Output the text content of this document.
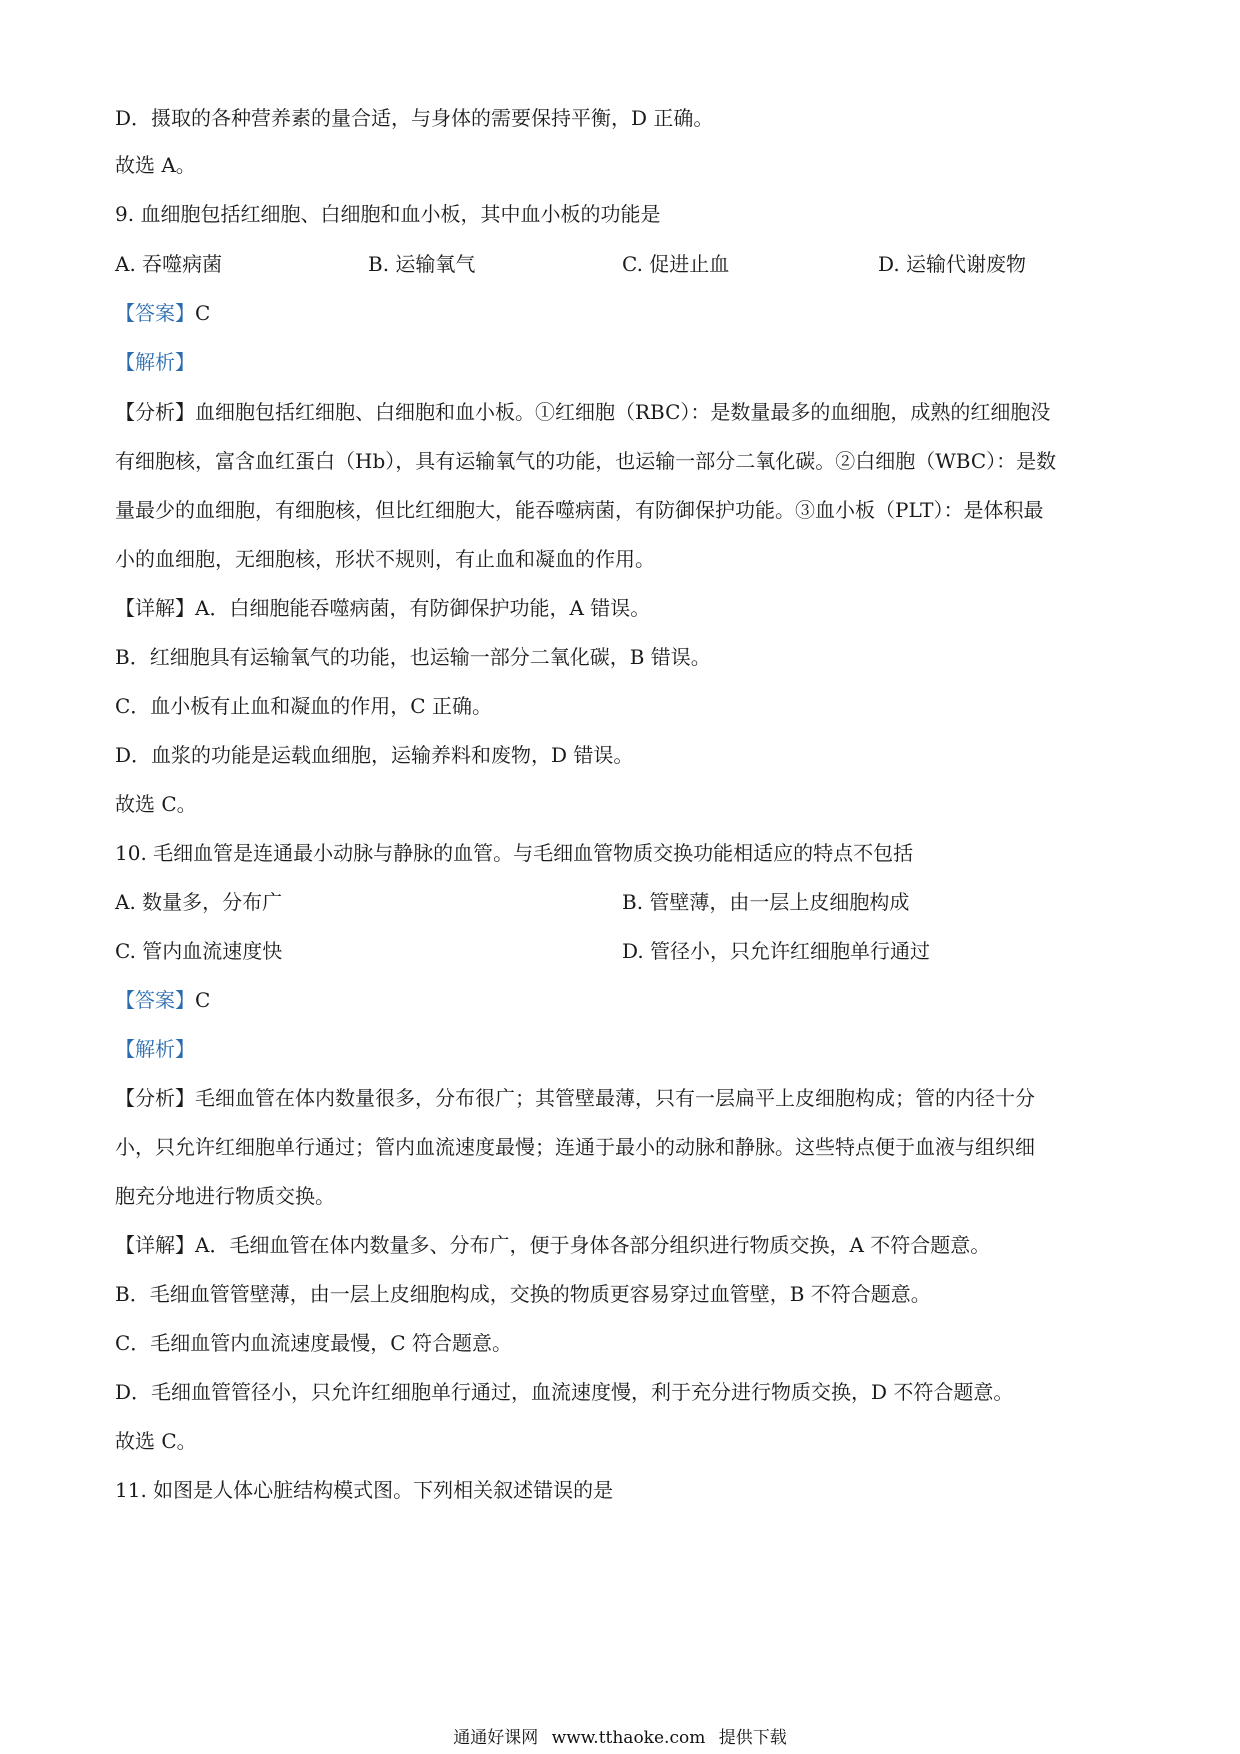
D．摄取的各种营养素的量合适，与身体的需要保持平衡，D 正确。
故选 A。
9. 血细胞包括红细胞、白细胞和血小板，其中血小板的功能是
A. 吞噬病菌	B. 运输氧气	C. 促进止血	D. 运输代谢废物
【答案】C
【解析】
【分析】血细胞包括红细胞、白细胞和血小板。①红细胞（RBC）：是数量最多的血细胞，成熟的红细胞没
有细胞核，富含血红蛋白（Hb），具有运输氧气的功能，也运输一部分二氧化碳。②白细胞（WBC）：是数
量最少的血细胞，有细胞核，但比红细胞大，能吞噬病菌，有防御保护功能。③血小板（PLT）：是体积最
小的血细胞，无细胞核，形状不规则，有止血和凝血的作用。
【详解】A．白细胞能吞噬病菌，有防御保护功能，A 错误。
B．红细胞具有运输氧气的功能，也运输一部分二氧化碳，B 错误。
C．血小板有止血和凝血的作用，C 正确。
D．血浆的功能是运载血细胞，运输养料和废物，D 错误。
故选 C。
10. 毛细血管是连通最小动脉与静脉的血管。与毛细血管物质交换功能相适应的特点不包括
A. 数量多，分布广	B. 管壁薄，由一层上皮细胞构成
C. 管内血流速度快	D. 管径小，只允许红细胞单行通过
【答案】C
【解析】
【分析】毛细血管在体内数量很多，分布很广；其管壁最薄，只有一层扁平上皮细胞构成；管的内径十分
小，只允许红细胞单行通过；管内血流速度最慢；连通于最小的动脉和静脉。这些特点便于血液与组织细
胞充分地进行物质交换。
【详解】A．毛细血管在体内数量多、分布广，便于身体各部分组织进行物质交换，A 不符合题意。
B．毛细血管管壁薄，由一层上皮细胞构成，交换的物质更容易穿过血管壁，B 不符合题意。
C．毛细血管内血流速度最慢，C 符合题意。
D．毛细血管管径小，只允许红细胞单行通过，血流速度慢，利于充分进行物质交换，D 不符合题意。
故选 C。
11. 如图是人体心脏结构模式图。下列相关叙述错误的是
通通好课网 www.tthaoke.com 提供下载
